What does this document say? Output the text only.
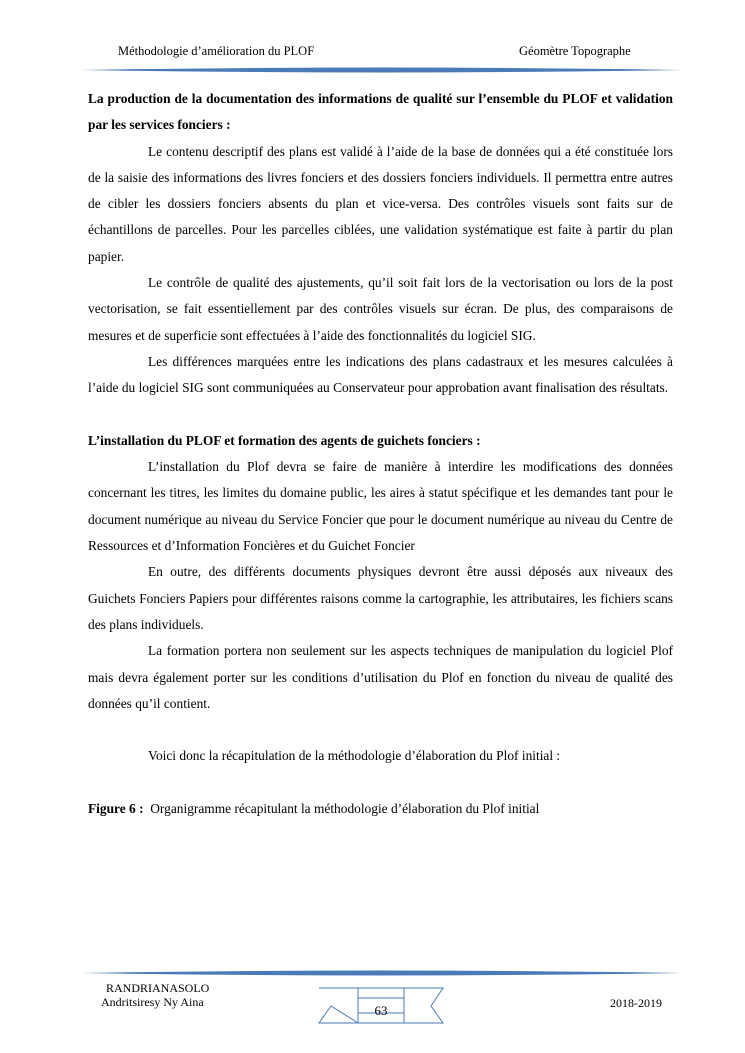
Méthodologie d’amélioration du PLOF	Géomètre Topographe

La production de la documentation des informations de qualité sur l’ensemble du PLOF et validation par les services fonciers :

Le contenu descriptif des plans est validé à l’aide de la base de données qui a été constituée lors de la saisie des informations des livres fonciers et des dossiers fonciers individuels. Il permettra entre autres de cibler les dossiers fonciers absents du plan et vice-versa. Des contrôles visuels sont faits sur de échantillons de parcelles. Pour les parcelles ciblées, une validation systématique est faite à partir du plan papier.

Le contrôle de qualité des ajustements, qu’il soit fait lors de la vectorisation ou lors de la post vectorisation, se fait essentiellement par des contrôles visuels sur écran. De plus, des comparaisons de mesures et de superficie sont effectuées à l’aide des fonctionnalités du logiciel SIG.

Les différences marquées entre les indications des plans cadastraux et les mesures calculées à l’aide du logiciel SIG sont communiquées au Conservateur pour approbation avant finalisation des résultats.

L’installation du PLOF et formation des agents de guichets fonciers :

L’installation du Plof devra se faire de manière à interdire les modifications des données concernant les titres, les limites du domaine public, les aires à statut spécifique et les demandes tant pour le document numérique au niveau du Service Foncier que pour le document numérique au niveau du Centre de Ressources et d’Information Foncières et du Guichet Foncier

En outre, des différents documents physiques devront être aussi déposés aux niveaux des Guichets Fonciers Papiers pour différentes raisons comme la cartographie, les attributaires, les fichiers scans des plans individuels.

La formation portera non seulement sur les aspects techniques de manipulation du logiciel Plof mais devra également porter sur les conditions d’utilisation du Plof en fonction du niveau de qualité des données qu’il contient.

Voici donc la récapitulation de la méthodologie d’élaboration du Plof initial :

Figure 6 : Organigramme récapitulant la méthodologie d’élaboration du Plof initial

RANDRIANASOLO
Andritsiresy Ny Aina
63	2018-2019
